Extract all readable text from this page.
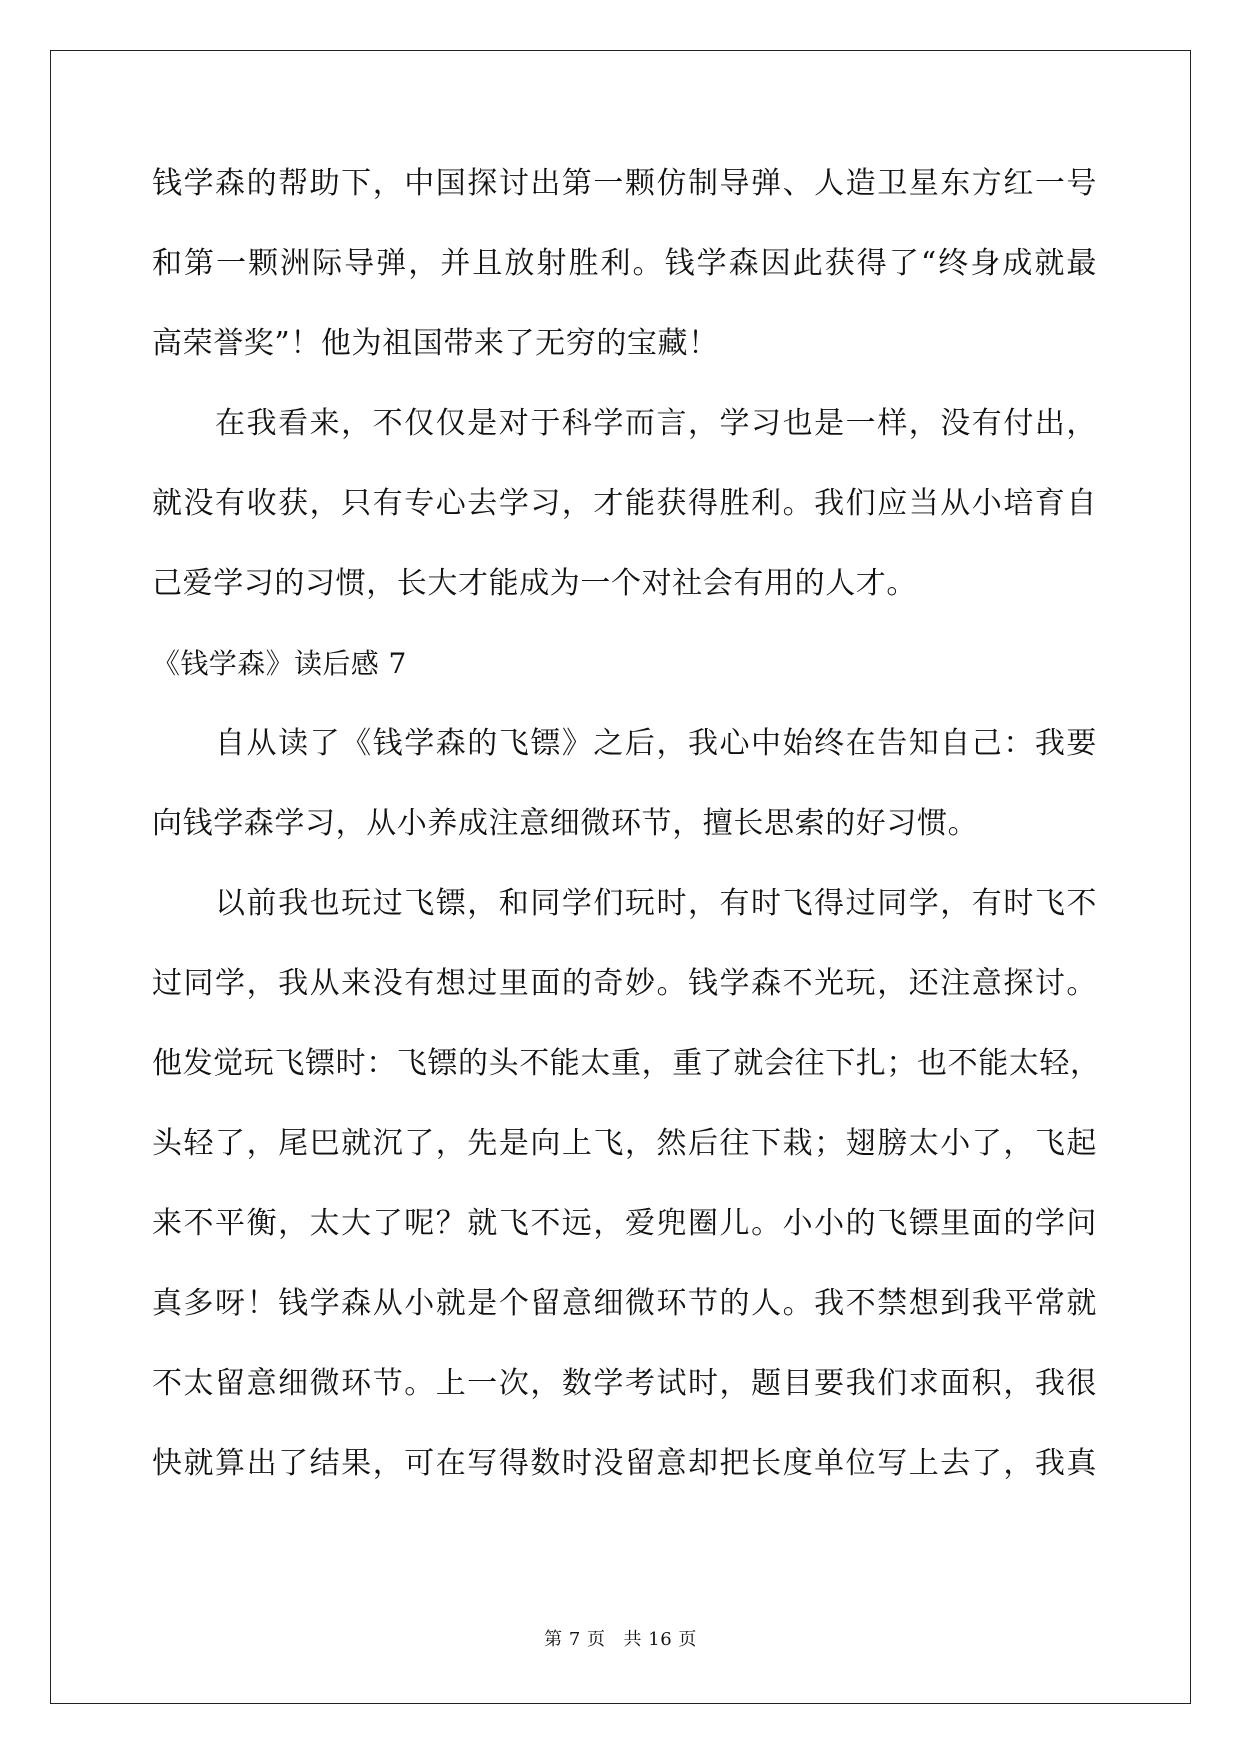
钱学森的帮助下，中国探讨出第一颗仿制导弹、人造卫星东方红一号
和第一颗洲际导弹，并且放射胜利。钱学森因此获得了“终身成就最
高荣誉奖”！他为祖国带来了无穷的宝藏！
在我看来，不仅仅是对于科学而言，学习也是一样，没有付出，
就没有收获，只有专心去学习，才能获得胜利。我们应当从小培育自
己爱学习的习惯，长大才能成为一个对社会有用的人才。
《钱学森》读后感 7
自从读了《钱学森的飞镖》之后，我心中始终在告知自己：我要
向钱学森学习，从小养成注意细微环节，擅长思索的好习惯。
以前我也玩过飞镖，和同学们玩时，有时飞得过同学，有时飞不
过同学，我从来没有想过里面的奇妙。钱学森不光玩，还注意探讨。
他发觉玩飞镖时：飞镖的头不能太重，重了就会往下扎；也不能太轻，
头轻了，尾巴就沉了，先是向上飞，然后往下栽；翅膀太小了，飞起
来不平衡，太大了呢？就飞不远，爱兜圈儿。小小的飞镖里面的学问
真多呀！钱学森从小就是个留意细微环节的人。我不禁想到我平常就
不太留意细微环节。上一次，数学考试时，题目要我们求面积，我很
快就算出了结果，可在写得数时没留意却把长度单位写上去了，我真
第 7 页 共 16 页
